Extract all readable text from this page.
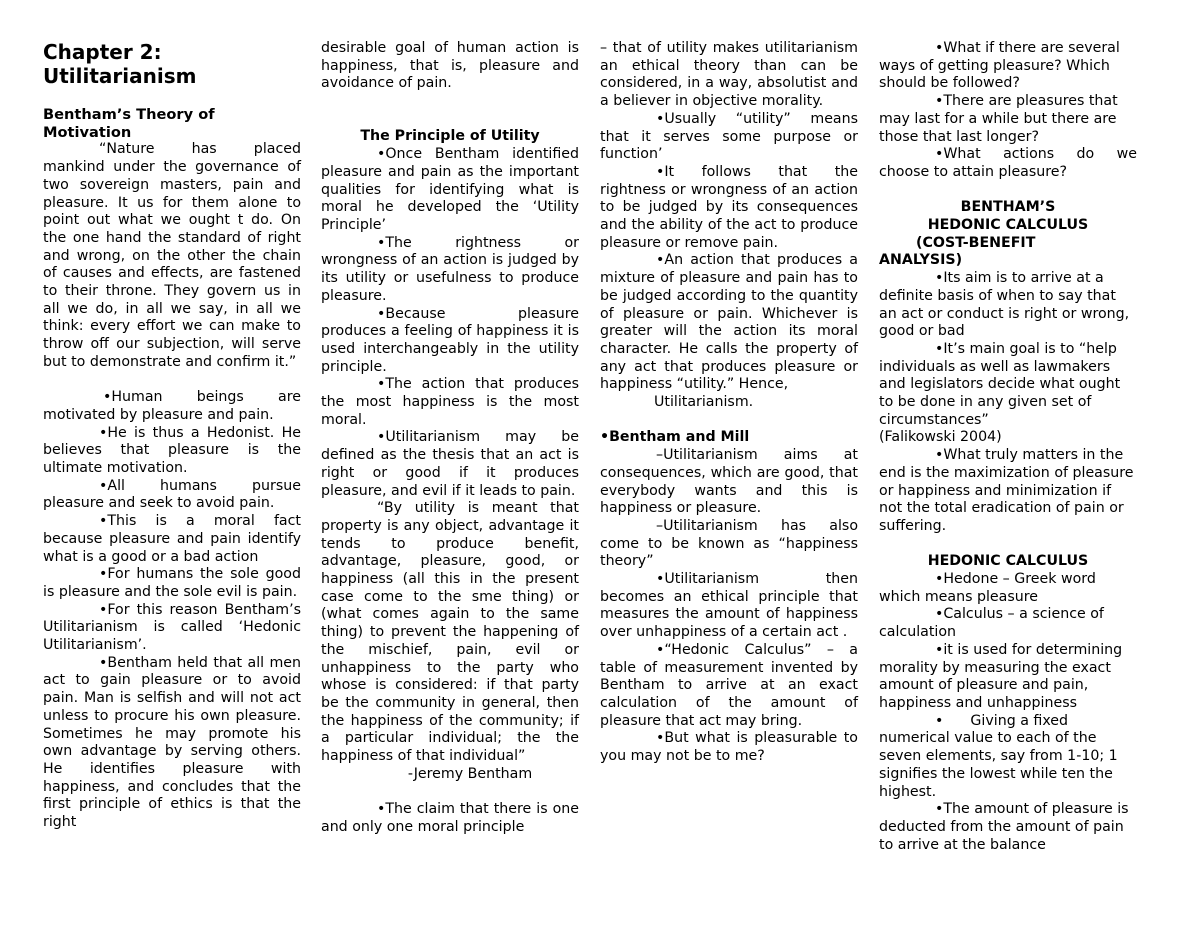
Chapter 2: Utilitarianism

Bentham’s Theory of Motivation

“Nature has placed mankind under the governance of two sovereign masters, pain and pleasure. It us for them alone to point out what we ought t do. On the one hand the standard of right and wrong, on the other the chain of causes and effects, are fastened to their throne. They govern us in all we do, in all we say, in all we think: every effort we can make to throw off our subjection, will serve but to demonstrate and confirm it.”

•Human beings are motivated by pleasure and pain.

•He is thus a Hedonist. He believes that pleasure is the ultimate motivation.

•All humans pursue pleasure and seek to avoid pain.

•This is a moral fact because pleasure and pain identify what is a good or a bad action

•For humans the sole good is pleasure and the sole evil is pain.

•For this reason Bentham’s Utilitarianism is called ‘Hedonic Utilitarianism’.

•Bentham held that all men act to gain pleasure or to avoid pain. Man is selfish and will not act unless to procure his own pleasure. Sometimes he may promote his own advantage by serving others. He identifies pleasure with happiness, and concludes that the first principle of ethics is that the right

desirable goal of human action is happiness, that is, pleasure and avoidance of pain.

The Principle of Utility

•Once Bentham identified pleasure and pain as the important qualities for identifying what is moral he developed the ‘Utility Principle’

•The rightness or wrongness of an action is judged by its utility or usefulness to produce pleasure.

•Because pleasure produces a feeling of happiness it is used interchangeably in the utility principle.

•The action that produces the most happiness is the most moral.

•Utilitarianism may be defined as the thesis that an act is right or good if it produces pleasure, and evil if it leads to pain.

“By utility is meant that property is any object, advantage it tends to produce benefit, advantage, pleasure, good, or happiness (all this in the present case come to the sme thing) or (what comes again to the same thing) to prevent the happening of the mischief, pain, evil or unhappiness to the party who whose is considered: if that party be the community in general, then the happiness of the community; if a particular individual; the the happiness of that individual”

-Jeremy Bentham

•The claim that there is one and only one moral principle

– that of utility makes utilitarianism an ethical theory than can be considered, in a way, absolutist and a believer in objective morality.

•Usually “utility” means that it serves some purpose or function’

•It follows that the rightness or wrongness of an action to be judged by its consequences and the ability of the act to produce pleasure or remove pain.

•An action that produces a mixture of pleasure and pain has to be judged according to the quantity of pleasure or pain. Whichever is greater will the action its moral character. He calls the property of any act that produces pleasure or happiness “utility.” Hence,

Utilitarianism.

•Bentham and Mill

–Utilitarianism aims at consequences, which are good, that everybody wants and this is happiness or pleasure.

–Utilitarianism has also come to be known as “happiness theory”

•Utilitarianism then becomes an ethical principle that measures the amount of happiness over unhappiness of a certain act .

•“Hedonic Calculus” – a table of measurement invented by Bentham to arrive at an exact calculation of the amount of pleasure that act may bring.

•But what is pleasurable to you may not be to me?

•What if there are several ways of getting pleasure? Which should be followed?

•There are pleasures that may last for a while but there are those that last longer?

•What actions do we choose to attain pleasure?

BENTHAM’S

HEDONIC CALCULUS

(COST-BENEFIT

ANALYSIS)

•Its aim is to arrive at a definite basis of when to say that an act or conduct is right or wrong, good or bad

•It’s main goal is to “help individuals as well as lawmakers and legislators decide what ought to be done in any given set of circumstances”

(Falikowski 2004)

•What truly matters in the end is the maximization of pleasure or happiness and minimization if not the total eradication of pain or suffering.

HEDONIC CALCULUS

•Hedone – Greek word which means pleasure

•Calculus – a science of calculation

•it is used for determining morality by measuring the exact amount of pleasure and pain, happiness and unhappiness

•      Giving a fixed numerical value to each of the seven elements, say from 1-10; 1 signifies the lowest while ten the highest.

•The amount of pleasure is deducted from the amount of pain to arrive at the balance
